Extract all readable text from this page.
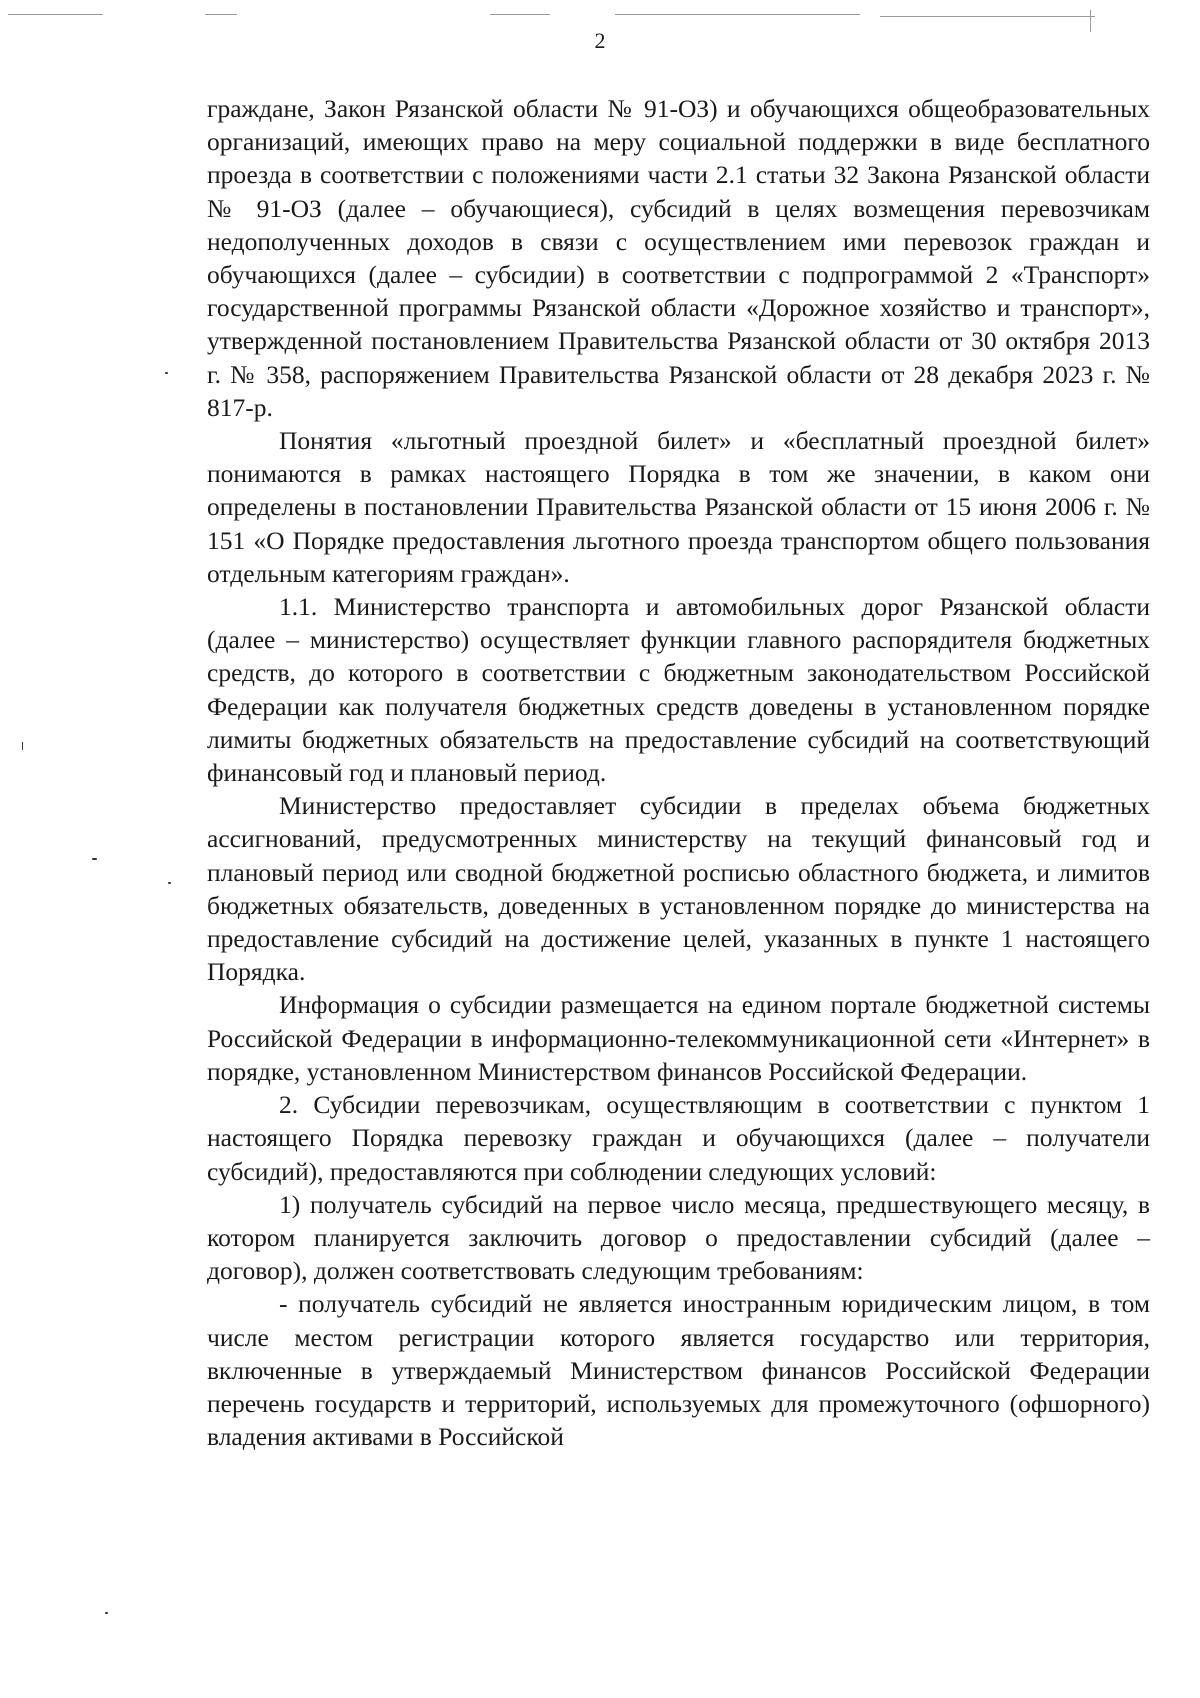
2

граждане, Закон Рязанской области № 91-ОЗ) и обучающихся общеобразовательных организаций, имеющих право на меру социальной поддержки в виде бесплатного проезда в соответствии с положениями части 2.1 статьи 32 Закона Рязанской области № 91-ОЗ (далее – обучающиеся), субсидий в целях возмещения перевозчикам недополученных доходов в связи с осуществлением ими перевозок граждан и обучающихся (далее – субсидии) в соответствии с подпрограммой 2 «Транспорт» государственной программы Рязанской области «Дорожное хозяйство и транспорт», утвержденной постановлением Правительства Рязанской области от 30 октября 2013 г. № 358, распоряжением Правительства Рязанской области от 28 декабря 2023 г. № 817-р.

Понятия «льготный проездной билет» и «бесплатный проездной билет» понимаются в рамках настоящего Порядка в том же значении, в каком они определены в постановлении Правительства Рязанской области от 15 июня 2006 г. № 151 «О Порядке предоставления льготного проезда транспортом общего пользования отдельным категориям граждан».

1.1. Министерство транспорта и автомобильных дорог Рязанской области (далее – министерство) осуществляет функции главного распорядителя бюджетных средств, до которого в соответствии с бюджетным законодательством Российской Федерации как получателя бюджетных средств доведены в установленном порядке лимиты бюджетных обязательств на предоставление субсидий на соответствующий финансовый год и плановый период.

Министерство предоставляет субсидии в пределах объема бюджетных ассигнований, предусмотренных министерству на текущий финансовый год и плановый период или сводной бюджетной росписью областного бюджета, и лимитов бюджетных обязательств, доведенных в установленном порядке до министерства на предоставление субсидий на достижение целей, указанных в пункте 1 настоящего Порядка.

Информация о субсидии размещается на едином портале бюджетной системы Российской Федерации в информационно-телекоммуникационной сети «Интернет» в порядке, установленном Министерством финансов Российской Федерации.

2. Субсидии перевозчикам, осуществляющим в соответствии с пунктом 1 настоящего Порядка перевозку граждан и обучающихся (далее – получатели субсидий), предоставляются при соблюдении следующих условий:

1) получатель субсидий на первое число месяца, предшествующего месяцу, в котором планируется заключить договор о предоставлении субсидий (далее – договор), должен соответствовать следующим требованиям:

- получатель субсидий не является иностранным юридическим лицом, в том числе местом регистрации которого является государство или территория, включенные в утверждаемый Министерством финансов Российской Федерации перечень государств и территорий, используемых для промежуточного (офшорного) владения активами в Российской
